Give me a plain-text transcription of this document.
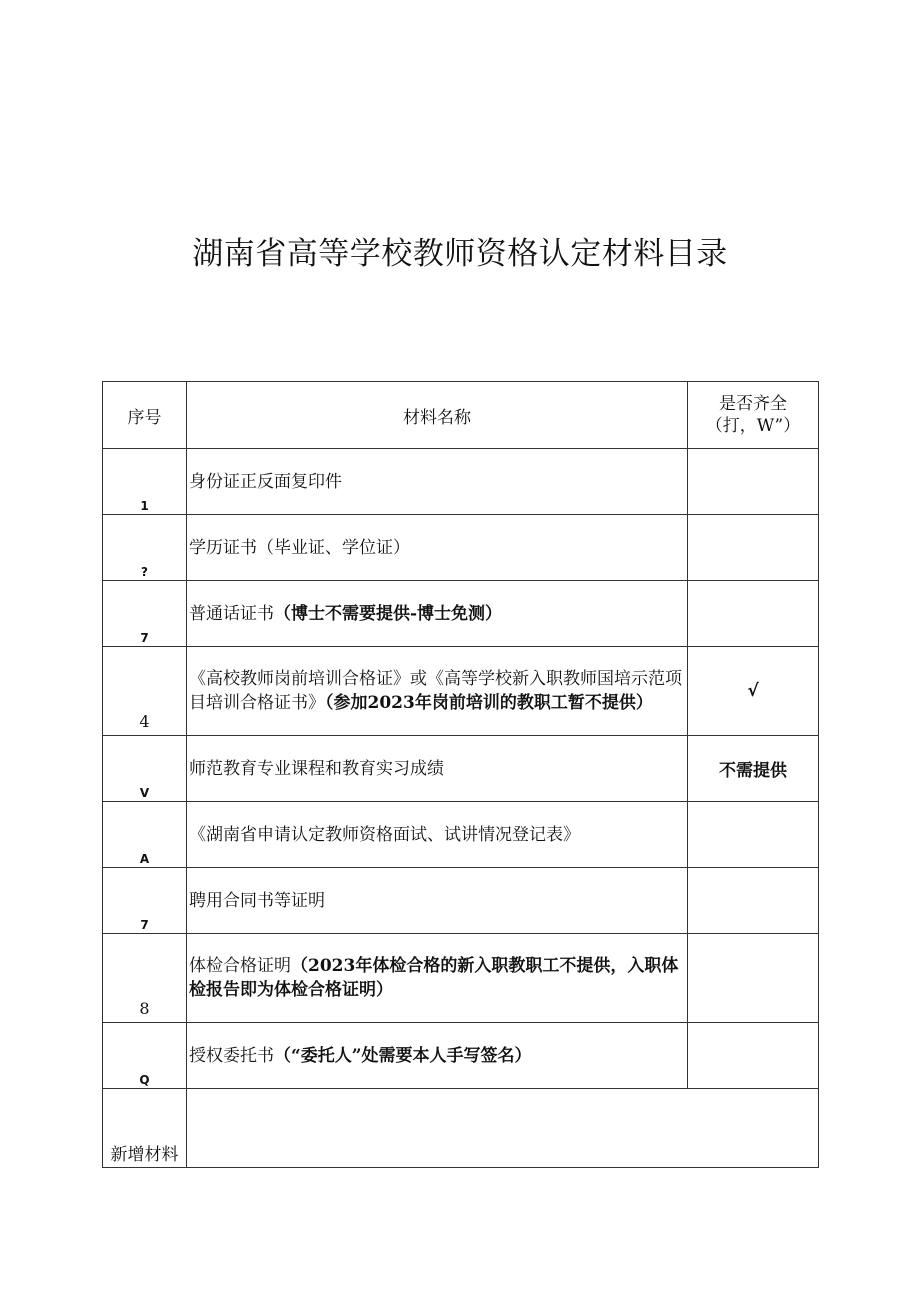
湖南省高等学校教师资格认定材料目录
序号	材料名称	是否齐全
（打，W”）

1	身份证正反面复印件	

?	学历证书（毕业证、学位证）	

7	普通话证书（博士不需要提供-博士免测）	

4	《高校教师岗前培训合格证》或《高等学校新入职教师国培示范项目培训合格证书》（参加2023年岗前培训的教职工暂不提供）	√

V	师范教育专业课程和教育实习成绩	不需提供

A	《湖南省申请认定教师资格面试、试讲情况登记表》	

7	聘用合同书等证明	

8	体检合格证明（2023年体检合格的新入职教职工不提供，入职体检报告即为体检合格证明）	

Q	授权委托书（“委托人”处需要本人手写签名）	
新增材料		
